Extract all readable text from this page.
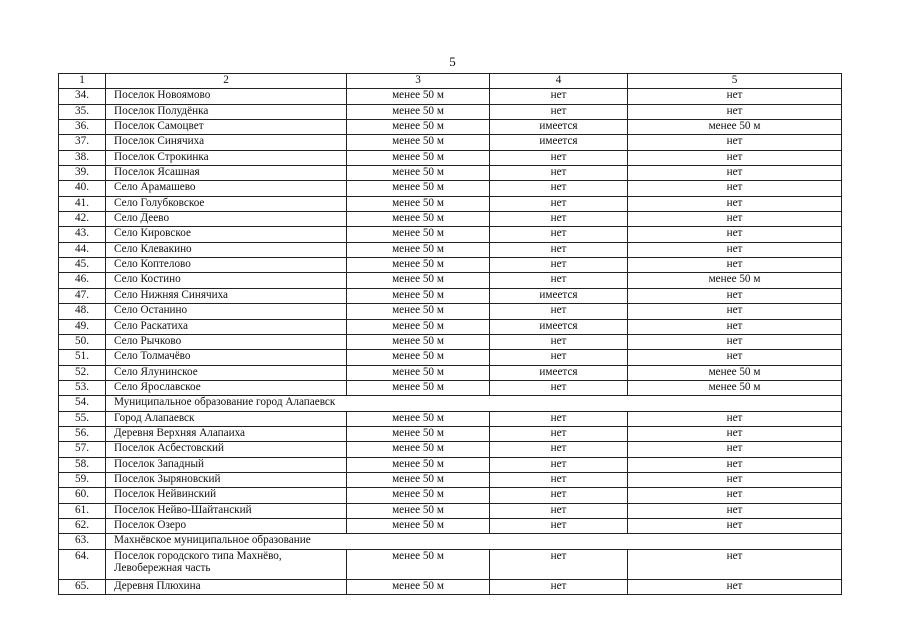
5
1	2	3	4	5
34.	Поселок Новоямово	менее 50 м	нет	нет
35.	Поселок Полудёнка	менее 50 м	нет	нет
36.	Поселок Самоцвет	менее 50 м	имеется	менее 50 м
37.	Поселок Синячиха	менее 50 м	имеется	нет
38.	Поселок Строкинка	менее 50 м	нет	нет
39.	Поселок Ясашная	менее 50 м	нет	нет
40.	Село Арамашево	менее 50 м	нет	нет
41.	Село Голубковское	менее 50 м	нет	нет
42.	Село Деево	менее 50 м	нет	нет
43.	Село Кировское	менее 50 м	нет	нет
44.	Село Клевакино	менее 50 м	нет	нет
45.	Село Коптелово	менее 50 м	нет	нет
46.	Село Костино	менее 50 м	нет	менее 50 м
47.	Село Нижняя Синячиха	менее 50 м	имеется	нет
48.	Село Останино	менее 50 м	нет	нет
49.	Село Раскатиха	менее 50 м	имеется	нет
50.	Село Рычково	менее 50 м	нет	нет
51.	Село Толмачёво	менее 50 м	нет	нет
52.	Село Ялунинское	менее 50 м	имеется	менее 50 м
53.	Село Ярославское	менее 50 м	нет	менее 50 м
54.	Муниципальное образование город Алапаевск			
55.	Город Алапаевск	менее 50 м	нет	нет
56.	Деревня Верхняя Алапаиха	менее 50 м	нет	нет
57.	Поселок Асбестовский	менее 50 м	нет	нет
58.	Поселок Западный	менее 50 м	нет	нет
59.	Поселок Зыряновский	менее 50 м	нет	нет
60.	Поселок Нейвинский	менее 50 м	нет	нет
61.	Поселок Нейво-Шайтанский	менее 50 м	нет	нет
62.	Поселок Озеро	менее 50 м	нет	нет
63.	Махнёвское муниципальное образование			
64.	Поселок городского типа Махнёво, Левобережная часть	менее 50 м	нет	нет
65.	Деревня Плюхина	менее 50 м	нет	нет
